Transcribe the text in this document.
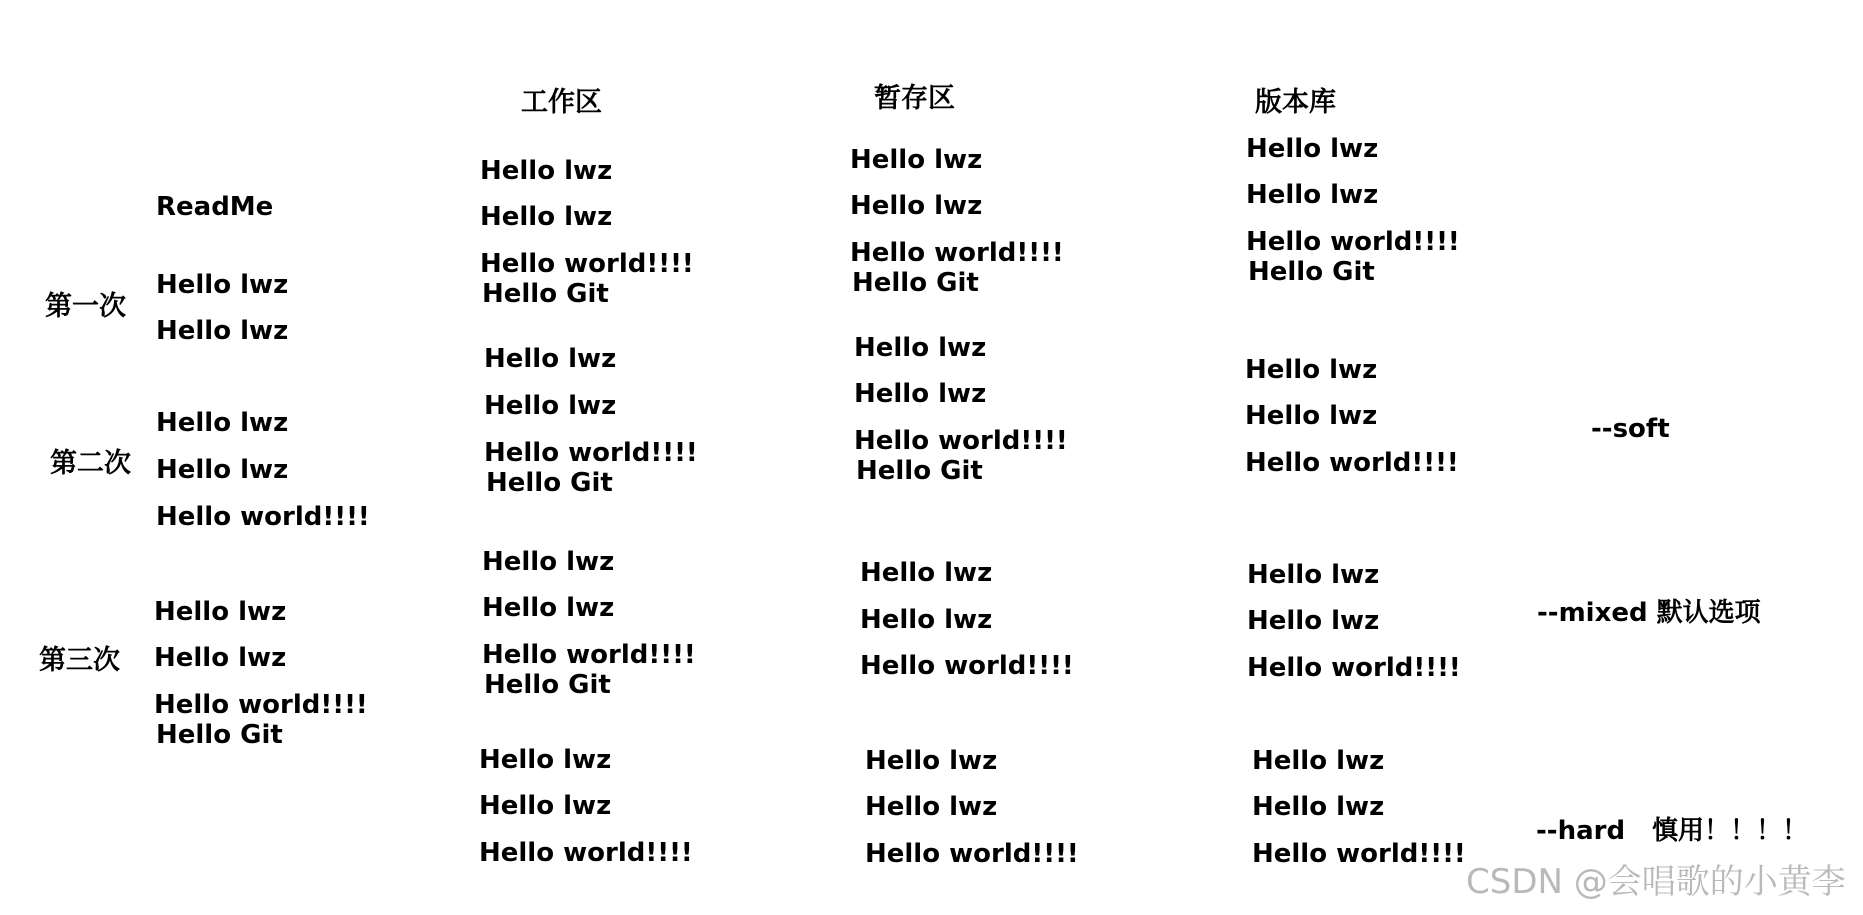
工作区	暂存区	版本库
ReadMe
第一次
第二次
第三次
Hello lwz
Hello lwz
Hello lwz
Hello lwz
Hello world!!!!
Hello lwz
Hello lwz
Hello world!!!!
Hello Git
Hello lwz
Hello lwz
Hello world!!!!
Hello Git
Hello lwz
Hello lwz
Hello world!!!!
Hello Git
Hello lwz
Hello lwz
Hello world!!!!
Hello Git
Hello lwz
Hello lwz
Hello world!!!!
Hello lwz
Hello lwz
Hello world!!!!
Hello Git
Hello lwz
Hello lwz
Hello world!!!!
Hello Git
Hello lwz
Hello lwz
Hello world!!!!
Hello lwz
Hello lwz
Hello world!!!!
Hello lwz
Hello lwz
Hello world!!!!
Hello Git
Hello lwz
Hello lwz
Hello world!!!!
Hello lwz
Hello lwz
Hello world!!!!
Hello lwz
Hello lwz
Hello world!!!!
--soft
--mixed 默认选项
--hard 慎用！！！！
CSDN @会唱歌的小黄李
